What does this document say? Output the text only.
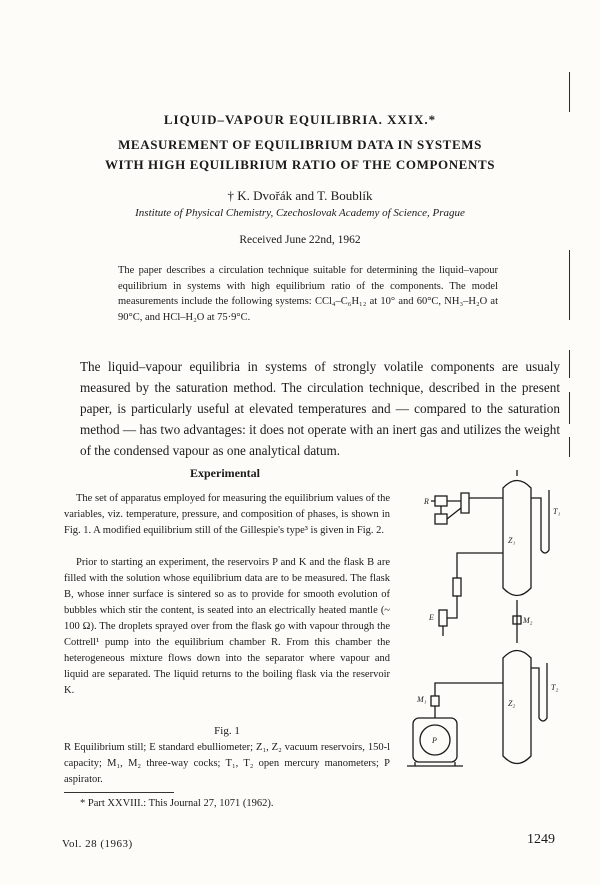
LIQUID–VAPOUR EQUILIBRIA. XXIX.*
MEASUREMENT OF EQUILIBRIUM DATA IN SYSTEMS
WITH HIGH EQUILIBRIUM RATIO OF THE COMPONENTS
† K. Dvořák and T. Boublík
Institute of Physical Chemistry, Czechoslovak Academy of Science, Prague
Received June 22nd, 1962
The paper describes a circulation technique suitable for determining the liquid–vapour equilibrium in systems with high equilibrium ratio of the components. The model measurements include the following systems: CCl₄–C₆H₁₂ at 10° and 60°C, NH₃–H₂O at 90°C, and HCl–H₂O at 75·9°C.
The liquid–vapour equilibria in systems of strongly volatile components are usualy measured by the saturation method. The circulation technique, described in the present paper, is particularly useful at elevated temperatures and — compared to the saturation method — has two advantages: it does not operate with an inert gas and utilizes the weight of the condensed vapour as one analytical datum.
Experimental
The set of apparatus employed for measuring the equilibrium values of the variables, viz. temperature, pressure, and composition of phases, is shown in Fig. 1. A modified equilibrium still of the Gillespie's type³ is given in Fig. 2.
Prior to starting an experiment, the reservoirs P and K and the flask B are filled with the solution whose equilibrium data are to be measured. The flask B, whose inner surface is sintered so as to provide for smooth evolution of bubbles which stir the content, is seated into an electrically heated mantle (~ 100 Ω). The droplets sprayed over from the flask go with vapour through the Cottrell¹ pump into the equilibrium chamber R. From this chamber the heterogeneous mixture flows down into the separator where vapour and liquid are separated. The liquid returns to the boiling flask via the reservoir K.
R
E
Z₁
Z₂
M₁
M₂
T₁
T₂
P
Fig. 1
R Equilibrium still; E standard ebulliometer; Z₁, Z₂ vacuum reservoirs, 150-l capacity; M₁, M₂ three-way cocks; T₁, T₂ open mercury manometers; P aspirator.
* Part XXVIII.: This Journal 27, 1071 (1962).
Vol. 28 (1963)	1249
